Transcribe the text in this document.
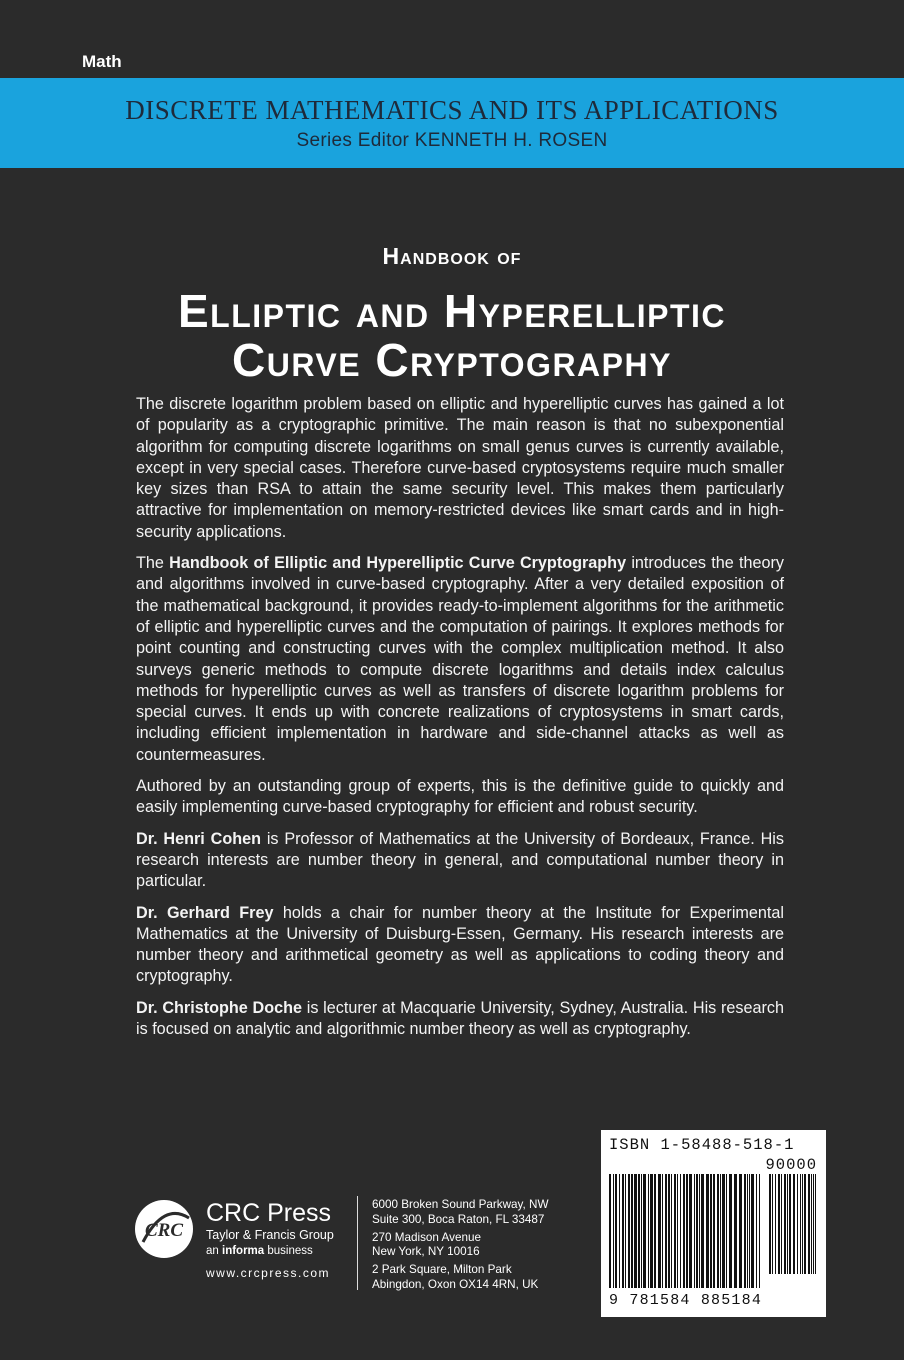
Math
DISCRETE MATHEMATICS AND ITS APPLICATIONS
Series Editor KENNETH H. ROSEN
Handbook of
Elliptic and Hyperelliptic
Curve Cryptography

The discrete logarithm problem based on elliptic and hyperelliptic curves has gained a lot of popularity as a cryptographic primitive. The main reason is that no subexponential algorithm for computing discrete logarithms on small genus curves is currently available, except in very special cases. Therefore curve-based cryptosystems require much smaller key sizes than RSA to attain the same security level. This makes them particularly attractive for implementation on memory-restricted devices like smart cards and in high-security applications.

The Handbook of Elliptic and Hyperelliptic Curve Cryptography introduces the theory and algorithms involved in curve-based cryptography. After a very detailed exposition of the mathematical background, it provides ready-to-implement algorithms for the arithmetic of elliptic and hyperelliptic curves and the computation of pairings. It explores methods for point counting and constructing curves with the complex multiplication method. It also surveys generic methods to compute discrete logarithms and details index calculus methods for hyperelliptic curves as well as transfers of discrete logarithm problems for special curves. It ends up with concrete realizations of cryptosystems in smart cards, including efficient implementation in hardware and side-channel attacks as well as countermeasures.

Authored by an outstanding group of experts, this is the definitive guide to quickly and easily implementing curve-based cryptography for efficient and robust security.

Dr. Henri Cohen is Professor of Mathematics at the University of Bordeaux, France. His research interests are number theory in general, and computational number theory in particular.

Dr. Gerhard Frey holds a chair for number theory at the Institute for Experimental Mathematics at the University of Duisburg-Essen, Germany. His research interests are number theory and arithmetical geometry as well as applications to coding theory and cryptography.

Dr. Christophe Doche is lecturer at Macquarie University, Sydney, Australia. His research is focused on analytic and algorithmic number theory as well as cryptography.

ISBN 1-58488-518-1
90000
9 781584 885184
CRC
CRC Press
Taylor & Francis Group
an informa business
www.crcpress.com
6000 Broken Sound Parkway, NW
Suite 300, Boca Raton, FL 33487
270 Madison Avenue
New York, NY 10016
2 Park Square, Milton Park
Abingdon, Oxon OX14 4RN, UK
